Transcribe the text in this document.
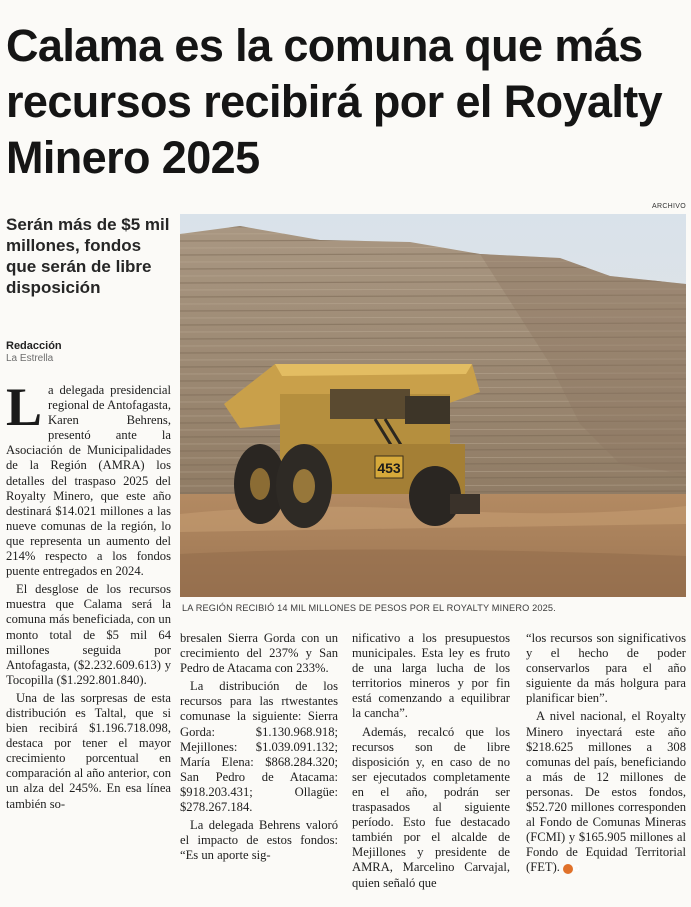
Calama es la comuna que más recursos recibirá por el Royalty Minero 2025
Serán más de $5 mil millones, fondos que serán de libre disposición
Redacción
La Estrella
ARCHIVO
453
LA REGIÓN RECIBIÓ 14 MIL MILLONES DE PESOS POR EL ROYALTY MINERO 2025.

La delegada presidencial regional de Antofagasta, Karen Behrens, presentó ante la Asociación de Municipalidades de la Región (AMRA) los detalles del traspaso 2025 del Royalty Minero, que este año destinará $14.021 millones a las nueve comunas de la región, lo que representa un aumento del 214% respecto a los fondos puente entregados en 2024.

El desglose de los recursos muestra que Calama será la comuna más beneficiada, con un monto total de $5 mil 64 millones seguida por Antofagasta, ($2.232.609.613) y Tocopilla ($1.292.801.840).

Una de las sorpresas de esta distribución es Taltal, que si bien recibirá $1.196.718.098, destaca por tener el mayor crecimiento porcentual en comparación al año anterior, con un alza del 245%. En esa línea también so-

bresalen Sierra Gorda con un crecimiento del 237% y San Pedro de Atacama con 233%.

La distribución de los recursos para las rtwestantes comunase la siguiente: Sierra Gorda: $1.130.968.918; Mejillones: $1.039.091.132; María Elena: $868.284.320; San Pedro de Atacama: $918.203.431; Ollagüe: $278.267.184.

La delegada Behrens valoró el impacto de estos fondos: “Es un aporte sig-

nificativo a los presupuestos municipales. Esta ley es fruto de una larga lucha de los territorios mineros y por fin está comenzando a equilibrar la cancha”.

Además, recalcó que los recursos son de libre disposición y, en caso de no ser ejecutados completamente en el año, podrán ser traspasados al siguiente período. Esto fue destacado también por el alcalde de Mejillones y presidente de AMRA, Marcelino Carvajal, quien señaló que

“los recursos son significativos y el hecho de poder conservarlos para el año siguiente da más holgura para planificar bien”.

A nivel nacional, el Royalty Minero inyectará este año $218.625 millones a 308 comunas del país, beneficiando a más de 12 millones de personas. De estos fondos, $52.720 millones corresponden al Fondo de Comunas Mineras (FCMI) y $165.905 millones al Fondo de Equidad Territorial (FET). ✪
